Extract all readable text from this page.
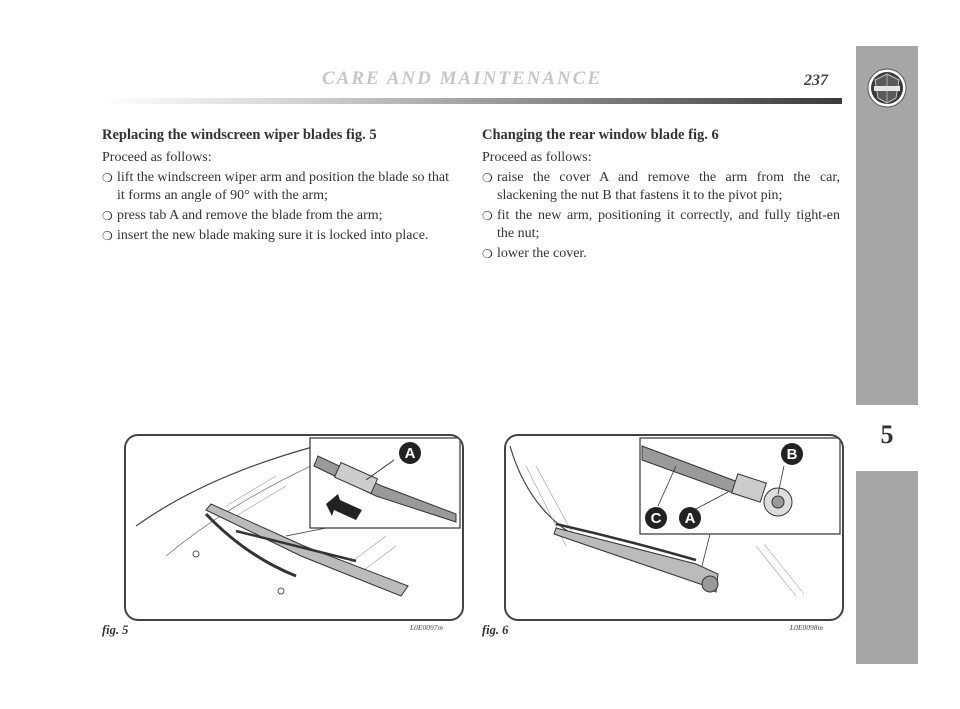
CARE AND MAINTENANCE	237
5
Replacing the windscreen wiper blades fig. 5
Proceed as follows:
❍ lift the windscreen wiper arm and position the blade so that it forms an angle of 90° with the arm;
❍ press tab A and remove the blade from the arm;
❍ insert the new blade making sure it is locked into place.
Changing the rear window blade fig. 6
Proceed as follows:
❍ raise the cover A and remove the arm from the car, slackening the nut B that fastens it to the pivot pin;
❍ fit the new arm, positioning it correctly, and fully tight-en the nut;
❍ lower the cover.
A	B
C A
fig. 5	L0E0097m	fig. 6	L0E0098m
